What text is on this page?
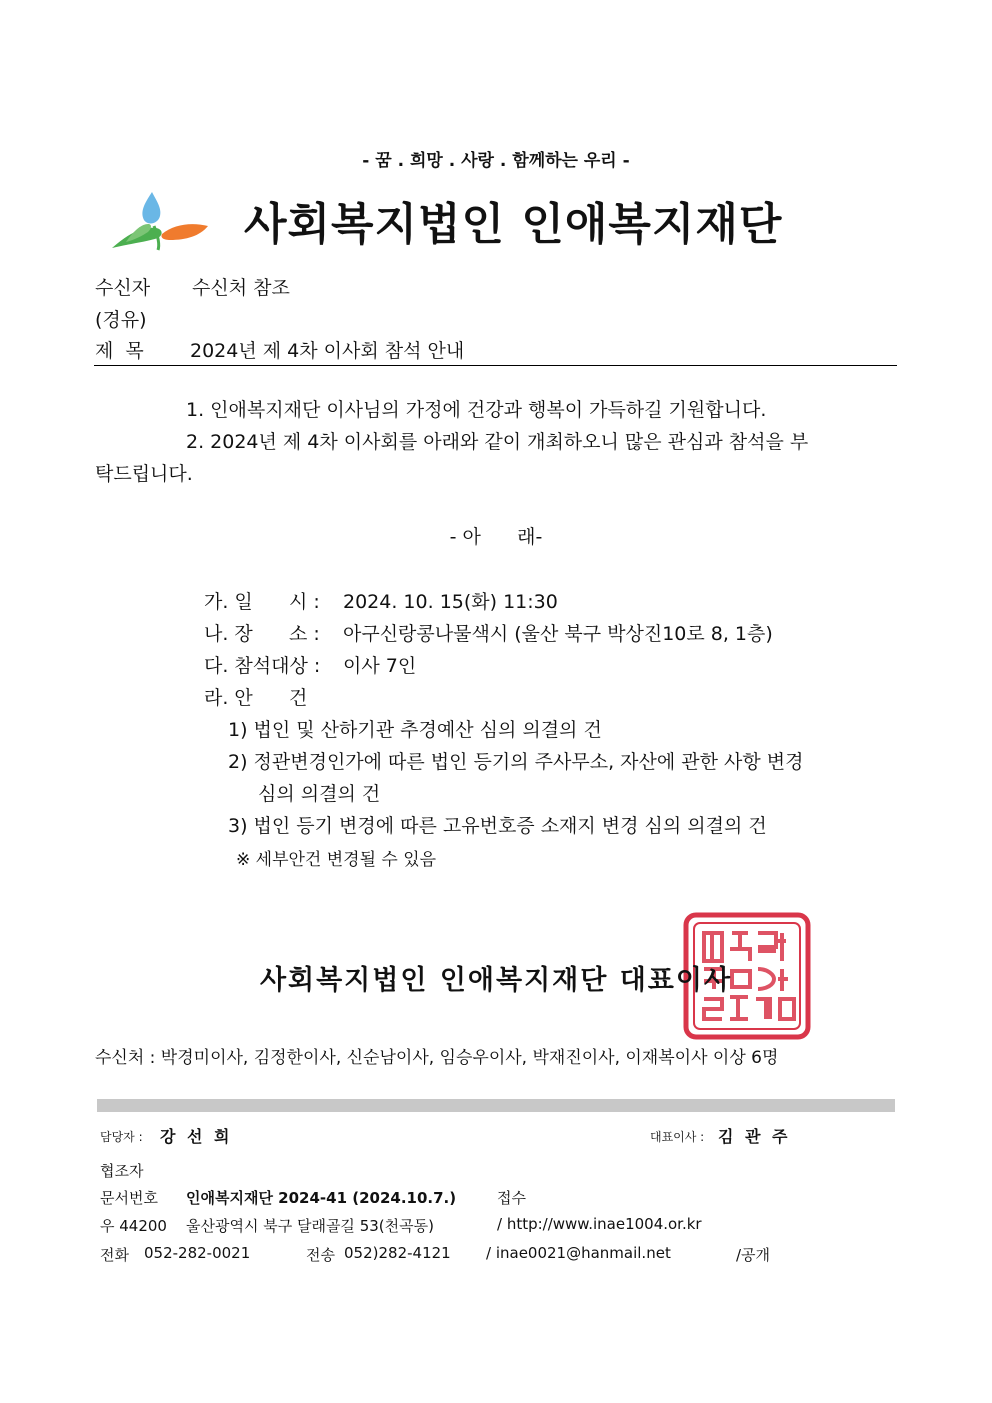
- 꿈 . 희망 . 사랑 . 함께하는 우리 -
사회복지법인 인애복지재단
수신자 수신처 참조
(경유)
제  목 2024년 제 4차 이사회 참석 안내
1. 인애복지재단 이사님의 가정에 건강과 행복이 가득하길 기원합니다.
2. 2024년 제 4차 이사회를 아래와 같이 개최하오니 많은 관심과 참석을 부
탁드립니다.
- 아      래-
가. 일      시 : 2024. 10. 15(화) 11:30
나. 장      소 : 아구신랑콩나물색시 (울산 북구 박상진10로 8, 1층)
다. 참석대상 : 이사 7인
라. 안      건
1) 법인 및 산하기관 추경예산 심의 의결의 건
2) 정관변경인가에 따른 법인 등기의 주사무소, 자산에 관한 사항 변경
심의 의결의 건
3) 법인 등기 변경에 따른 고유번호증 소재지 변경 심의 의결의 건
※ 세부안건 변경될 수 있음
사회복지법인 인애복지재단 대표이사
수신처 : 박경미이사, 김정한이사, 신순남이사, 임승우이사, 박재진이사, 이재복이사 이상 6명
담당자 : 강 선 희	대표이사 : 김 관 주
협조자
문서번호 인애복지재단 2024-41 (2024.10.7.)	접수
우 44200 울산광역시 북구 달래골길 53(천곡동)	/ http://www.inae1004.or.kr
전화 052-282-0021	전송 052)282-4121 / inae0021@hanmail.net	/공개
